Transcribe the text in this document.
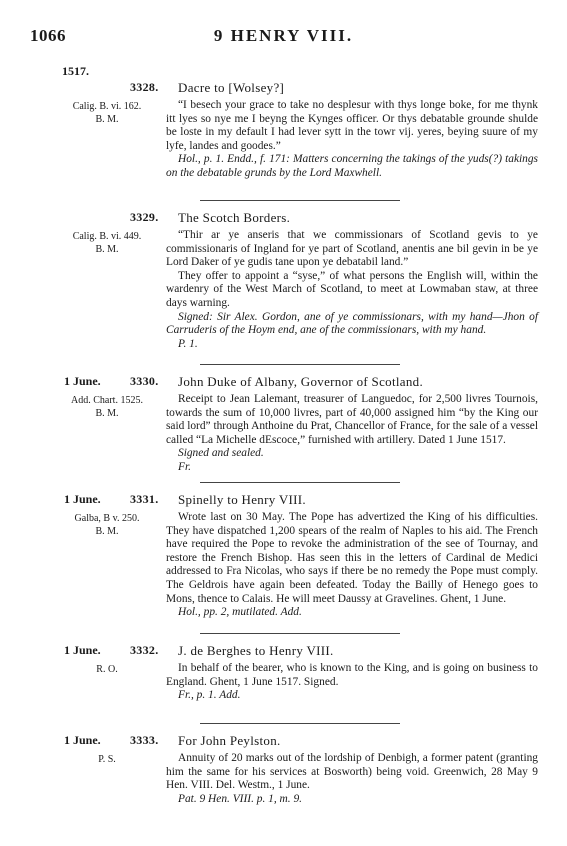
1066	9 HENRY VIII.
1517.
3328. Dacre to [Wolsey?]
Calig. B. vi. 162.
B. M.

“I besech your grace to take no desplesur with thys longe boke, for me thynk itt lyes so nye me I beyng the Kynges officer. Or thys debatable grounde shulde be loste in my default I had lever sytt in the towr vij. yeres, beying suure of my lyfe, landes and goodes.”

Hol., p. 1. Endd., f. 171: Matters concerning the takings of the yuds(?) takings on the debatable grunds by the Lord Maxwhell.

3329. The Scotch Borders.
Calig. B. vi. 449.
B. M.

“Thir ar ye anseris that we commissionars of Scotland gevis to ye commissionaris of Ingland for ye part of Scotland, anentis ane bil gevin in be ye Lord Daker of ye gudis tane upon ye debatabil land.”

They offer to appoint a “syse,” of what persons the English will, within the wardenry of the West March of Scotland, to meet at Lowmaban staw, at three days warning.

Signed: Sir Alex. Gordon, ane of ye commissionars, with my hand—Jhon of Carruderis of the Hoym end, ane of the commissionars, with my hand.

P. 1.

1 June. 3330. John Duke of Albany, Governor of Scotland.
Add. Chart. 1525.
B. M.

Receipt to Jean Lalemant, treasurer of Languedoc, for 2,500 livres Tournois, towards the sum of 10,000 livres, part of 40,000 assigned him “by the King our said lord” through Anthoine du Prat, Chancellor of France, for the sale of a vessel called “La Michelle dEscoce,” furnished with artillery. Dated 1 June 1517.

Signed and sealed.

Fr.

1 June. 3331. Spinelly to Henry VIII.
Galba, B v. 250.
B. M.

Wrote last on 30 May. The Pope has advertized the King of his difficulties. They have dispatched 1,200 spears of the realm of Naples to his aid. The French have required the Pope to revoke the administration of the see of Tournay, and restore the French Bishop. Has seen this in the letters of Cardinal de Medici addressed to Fra Nicolas, who says if there be no remedy the Pope must comply. The Geldrois have again been defeated. Today the Bailly of Henego goes to Mons, thence to Calais. He will meet Daussy at Gravelines. Ghent, 1 June.

Hol., pp. 2, mutilated. Add.

1 June. 3332. J. de Berghes to Henry VIII.
R. O.	In behalf of the bearer, who is known to the King, and is going on business to England. Ghent, 1 June 1517. Signed.

Fr., p. 1. Add.

1 June. 3333. For John Peylston.
P. S.	Annuity of 20 marks out of the lordship of Denbigh, a former patent (granting him the same for his services at Bosworth) being void. Greenwich, 28 May 9 Hen. VIII. Del. Westm., 1 June.

Pat. 9 Hen. VIII. p. 1, m. 9.
